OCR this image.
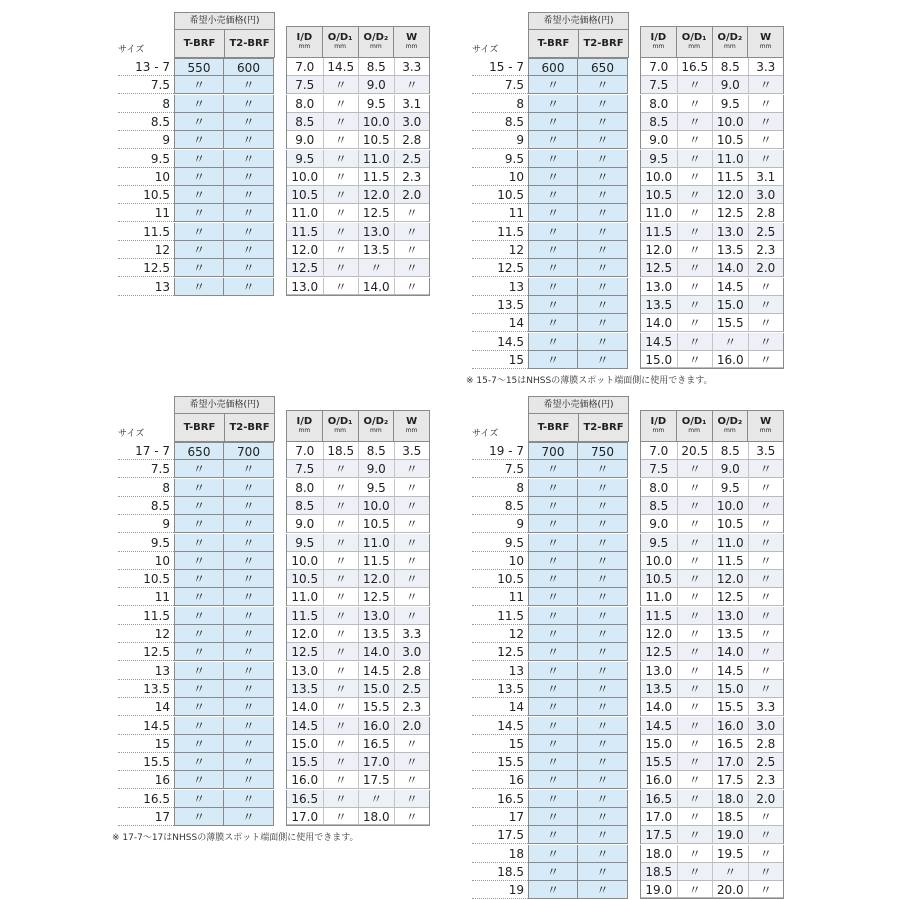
希望小売価格(円)
T-BRF	T2-BRF
サイズ
I/D
mm
O/D₁
mm
O/D₂
mm
W
mm
13 - 7	550	600	7.0	14.5	8.5	3.3
7.5	〃	〃	7.5	〃	9.0	〃
8	〃	〃	8.0	〃	9.5	3.1
8.5	〃	〃	8.5	〃	10.0	3.0
9	〃	〃	9.0	〃	10.5	2.8
9.5	〃	〃	9.5	〃	11.0	2.5
10	〃	〃	10.0	〃	11.5	2.3
10.5	〃	〃	10.5	〃	12.0	2.0
11	〃	〃	11.0	〃	12.5	〃
11.5	〃	〃	11.5	〃	13.0	〃
12	〃	〃	12.0	〃	13.5	〃
12.5	〃	〃	12.5	〃	〃	〃
13	〃	〃	13.0	〃	14.0	〃
希望小売価格(円)
T-BRF	T2-BRF
サイズ
I/D
mm
O/D₁
mm
O/D₂
mm
W
mm
15 - 7	600	650	7.0	16.5	8.5	3.3
7.5	〃	〃	7.5	〃	9.0	〃
8	〃	〃	8.0	〃	9.5	〃
8.5	〃	〃	8.5	〃	10.0	〃
9	〃	〃	9.0	〃	10.5	〃
9.5	〃	〃	9.5	〃	11.0	〃
10	〃	〃	10.0	〃	11.5	3.1
10.5	〃	〃	10.5	〃	12.0	3.0
11	〃	〃	11.0	〃	12.5	2.8
11.5	〃	〃	11.5	〃	13.0	2.5
12	〃	〃	12.0	〃	13.5	2.3
12.5	〃	〃	12.5	〃	14.0	2.0
13	〃	〃	13.0	〃	14.5	〃
13.5	〃	〃	13.5	〃	15.0	〃
14	〃	〃	14.0	〃	15.5	〃
14.5	〃	〃	14.5	〃	〃	〃
15	〃	〃	15.0	〃	16.0	〃
※ 15-7〜15はNHSSの薄膜スポット端面側に使用できます。
希望小売価格(円)
T-BRF	T2-BRF
サイズ
I/D
mm
O/D₁
mm
O/D₂
mm
W
mm
17 - 7	650	700	7.0	18.5	8.5	3.5
7.5	〃	〃	7.5	〃	9.0	〃
8	〃	〃	8.0	〃	9.5	〃
8.5	〃	〃	8.5	〃	10.0	〃
9	〃	〃	9.0	〃	10.5	〃
9.5	〃	〃	9.5	〃	11.0	〃
10	〃	〃	10.0	〃	11.5	〃
10.5	〃	〃	10.5	〃	12.0	〃
11	〃	〃	11.0	〃	12.5	〃
11.5	〃	〃	11.5	〃	13.0	〃
12	〃	〃	12.0	〃	13.5	3.3
12.5	〃	〃	12.5	〃	14.0	3.0
13	〃	〃	13.0	〃	14.5	2.8
13.5	〃	〃	13.5	〃	15.0	2.5
14	〃	〃	14.0	〃	15.5	2.3
14.5	〃	〃	14.5	〃	16.0	2.0
15	〃	〃	15.0	〃	16.5	〃
15.5	〃	〃	15.5	〃	17.0	〃
16	〃	〃	16.0	〃	17.5	〃
16.5	〃	〃	16.5	〃	〃	〃
17	〃	〃	17.0	〃	18.0	〃
※ 17-7〜17はNHSSの薄膜スポット端面側に使用できます。
希望小売価格(円)
T-BRF	T2-BRF
サイズ
I/D
mm
O/D₁
mm
O/D₂
mm
W
mm
19 - 7	700	750	7.0	20.5	8.5	3.5
7.5	〃	〃	7.5	〃	9.0	〃
8	〃	〃	8.0	〃	9.5	〃
8.5	〃	〃	8.5	〃	10.0	〃
9	〃	〃	9.0	〃	10.5	〃
9.5	〃	〃	9.5	〃	11.0	〃
10	〃	〃	10.0	〃	11.5	〃
10.5	〃	〃	10.5	〃	12.0	〃
11	〃	〃	11.0	〃	12.5	〃
11.5	〃	〃	11.5	〃	13.0	〃
12	〃	〃	12.0	〃	13.5	〃
12.5	〃	〃	12.5	〃	14.0	〃
13	〃	〃	13.0	〃	14.5	〃
13.5	〃	〃	13.5	〃	15.0	〃
14	〃	〃	14.0	〃	15.5	3.3
14.5	〃	〃	14.5	〃	16.0	3.0
15	〃	〃	15.0	〃	16.5	2.8
15.5	〃	〃	15.5	〃	17.0	2.5
16	〃	〃	16.0	〃	17.5	2.3
16.5	〃	〃	16.5	〃	18.0	2.0
17	〃	〃	17.0	〃	18.5	〃
17.5	〃	〃	17.5	〃	19.0	〃
18	〃	〃	18.0	〃	19.5	〃
18.5	〃	〃	18.5	〃	〃	〃
19	〃	〃	19.0	〃	20.0	〃
